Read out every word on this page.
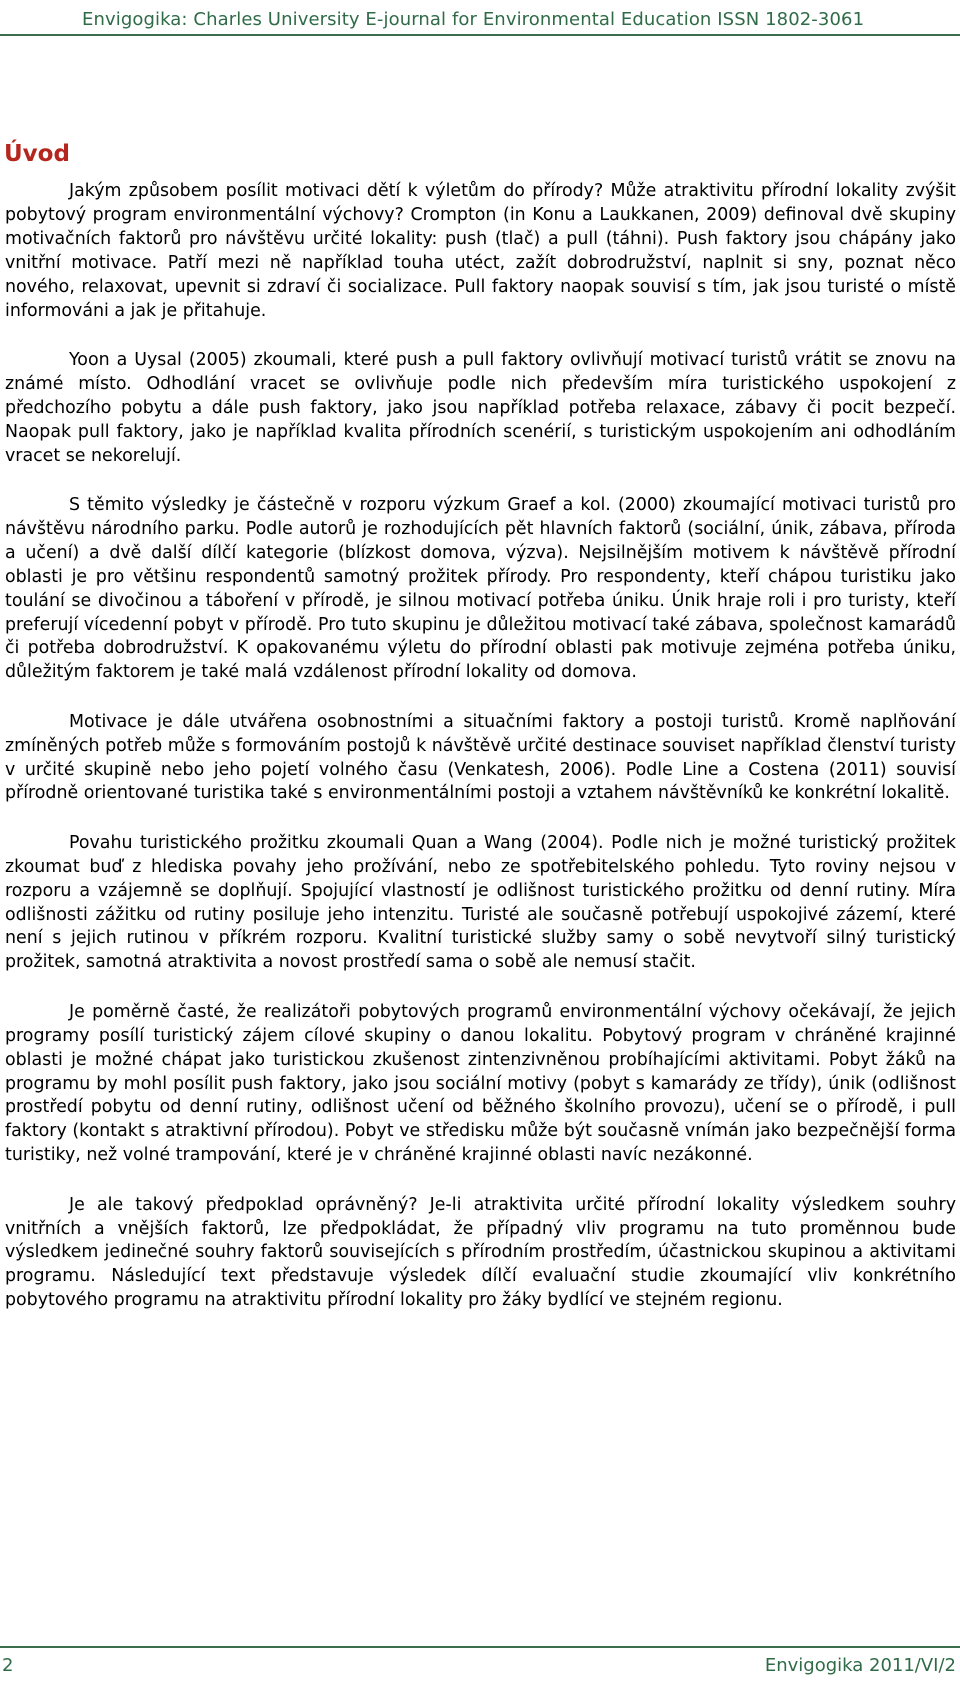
Envigogika: Charles University E-journal for Environmental Education ISSN 1802-3061
Úvod

Jakým způsobem posílit motivaci dětí k výletům do přírody? Může atraktivitu přírodní lokality zvýšit pobytový program environmentální výchovy? Crompton (in Konu a Laukkanen, 2009) definoval dvě skupiny motivačních faktorů pro návštěvu určité lokality: push (tlač) a pull (táhni). Push faktory jsou chápány jako vnitřní motivace. Patří mezi ně například touha utéct, zažít dobrodružství, naplnit si sny, poznat něco nového, relaxovat, upevnit si zdraví či socializace. Pull faktory naopak souvisí s tím, jak jsou turisté o místě informováni a jak je přitahuje.

Yoon a Uysal (2005) zkoumali, které push a pull faktory ovlivňují motivací turistů vrátit se znovu na známé místo. Odhodlání vracet se ovlivňuje podle nich především míra turistického uspokojení z předchozího pobytu a dále push faktory, jako jsou například potřeba relaxace, zábavy či pocit bezpečí. Naopak pull faktory, jako je například kvalita přírodních scenérií, s turistickým uspokojením ani odhodláním vracet se nekorelují.

S těmito výsledky je částečně v rozporu výzkum Graef a kol. (2000) zkoumající motivaci turistů pro návštěvu národního parku. Podle autorů je rozhodujících pět hlavních faktorů (sociální, únik, zábava, příroda a učení) a dvě další dílčí kategorie (blízkost domova, výzva). Nejsilnějším motivem k návštěvě přírodní oblasti je pro většinu respondentů samotný prožitek přírody. Pro respondenty, kteří chápou turistiku jako toulání se divočinou a táboření v přírodě, je silnou motivací potřeba úniku. Únik hraje roli i pro turisty, kteří preferují vícedenní pobyt v přírodě. Pro tuto skupinu je důležitou motivací také zábava, společnost kamarádů či potřeba dobrodružství. K opakovanému výletu do přírodní oblasti pak motivuje zejména potřeba úniku, důležitým faktorem je také malá vzdálenost přírodní lokality od domova.

Motivace je dále utvářena osobnostními a situačními faktory a postoji turistů. Kromě naplňování zmíněných potřeb může s formováním postojů k návštěvě určité destinace souviset například členství turisty v určité skupině nebo jeho pojetí volného času (Venkatesh, 2006). Podle Line a Costena (2011) souvisí přírodně orientované turistika také s environmentálními postoji a vztahem návštěvníků ke konkrétní lokalitě.

Povahu turistického prožitku zkoumali Quan a Wang (2004). Podle nich je možné turistický prožitek zkoumat buď z hlediska povahy jeho prožívání, nebo ze spotřebitelského pohledu. Tyto roviny nejsou v rozporu a vzájemně se doplňují. Spojující vlastností je odlišnost turistického prožitku od denní rutiny. Míra odlišnosti zážitku od rutiny posiluje jeho intenzitu. Turisté ale současně potřebují uspokojivé zázemí, které není s jejich rutinou v příkrém rozporu. Kvalitní turistické služby samy o sobě nevytvoří silný turistický prožitek, samotná atraktivita a novost prostředí sama o sobě ale nemusí stačit.

Je poměrně časté, že realizátoři pobytových programů environmentální výchovy očekávají, že jejich programy posílí turistický zájem cílové skupiny o danou lokalitu. Pobytový program v chráněné krajinné oblasti je možné chápat jako turistickou zkušenost zintenzivněnou probíhajícími aktivitami. Pobyt žáků na programu by mohl posílit push faktory, jako jsou sociální motivy (pobyt s kamarády ze třídy), únik (odlišnost prostředí pobytu od denní rutiny, odlišnost učení od běžného školního provozu), učení se o přírodě, i pull faktory (kontakt s atraktivní přírodou). Pobyt ve středisku může být současně vnímán jako bezpečnější forma turistiky, než volné trampování, které je v chráněné krajinné oblasti navíc nezákonné.

Je ale takový předpoklad oprávněný? Je-li atraktivita určité přírodní lokality výsledkem souhry vnitřních a vnějších faktorů, lze předpokládat, že případný vliv programu na tuto proměnnou bude výsledkem jedinečné souhry faktorů souvisejících s přírodním prostředím, účastnickou skupinou a aktivitami programu. Následující text představuje výsledek dílčí evaluační studie zkoumající vliv konkrétního pobytového programu na atraktivitu přírodní lokality pro žáky bydlící ve stejném regionu.

2	Envigogika 2011/VI/2
